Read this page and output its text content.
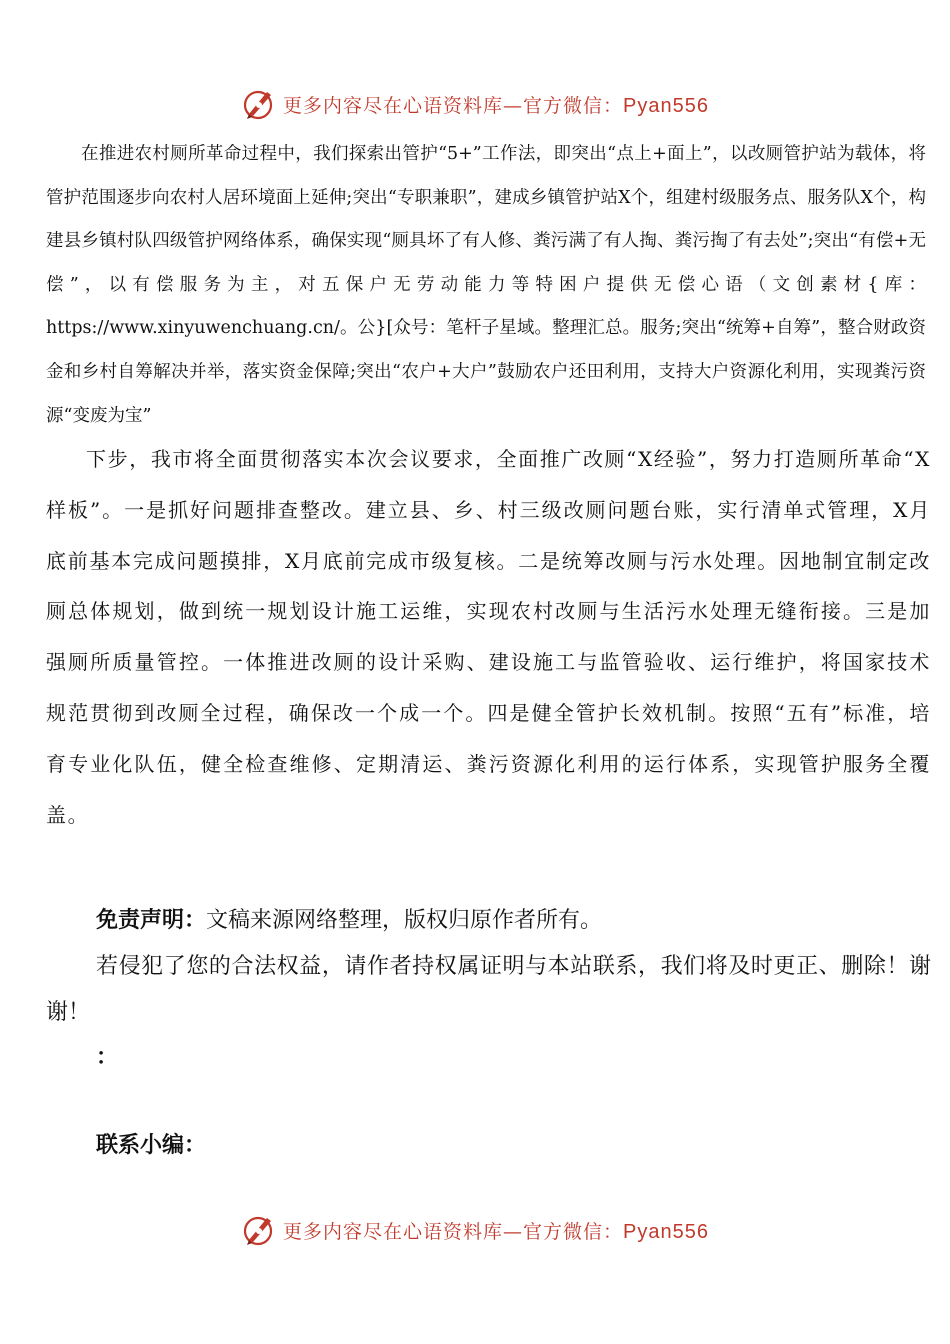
更多内容尽在心语资料库—官方微信：Pyan556

在推进农村厕所革命过程中，我们探索出管护“5+”工作法，即突出“点上+面上”，以改厕管护站为载体，将管护范围逐步向农村人居环境面上延伸;突出“专职兼职”，建成乡镇管护站X个，组建村级服务点、服务队X个，构建县乡镇村队四级管护网络体系，确保实现“厕具坏了有人修、粪污满了有人掏、粪污掏了有去处”;突出“有偿+无偿”，以有偿服务为主，对五保户无劳动能力等特困户提供无偿心语（文创素材{库：https://www.xinyuwenchuang.cn/。公}[众号：笔杆子星域。整理汇总。服务;突出“统筹+自筹”，整合财政资金和乡村自筹解决并举，落实资金保障;突出“农户+大户”鼓励农户还田利用，支持大户资源化利用，实现粪污资源“变废为宝”

下步，我市将全面贯彻落实本次会议要求，全面推广改厕“X经验”，努力打造厕所革命“X样板”。一是抓好问题排查整改。建立县、乡、村三级改厕问题台账，实行清单式管理，X月底前基本完成问题摸排，X月底前完成市级复核。二是统筹改厕与污水处理。因地制宜制定改厕总体规划，做到统一规划设计施工运维，实现农村改厕与生活污水处理无缝衔接。三是加强厕所质量管控。一体推进改厕的设计采购、建设施工与监管验收、运行维护，将国家技术规范贯彻到改厕全过程，确保改一个成一个。四是健全管护长效机制。按照“五有”标准，培育专业化队伍，健全检查维修、定期清运、粪污资源化利用的运行体系，实现管护服务全覆盖。

免责声明：文稿来源网络整理，版权归原作者所有。
若侵犯了您的合法权益，请作者持权属证明与本站联系，我们将及时更正、删除！谢谢！
：
联系小编：
更多内容尽在心语资料库—官方微信：Pyan556
